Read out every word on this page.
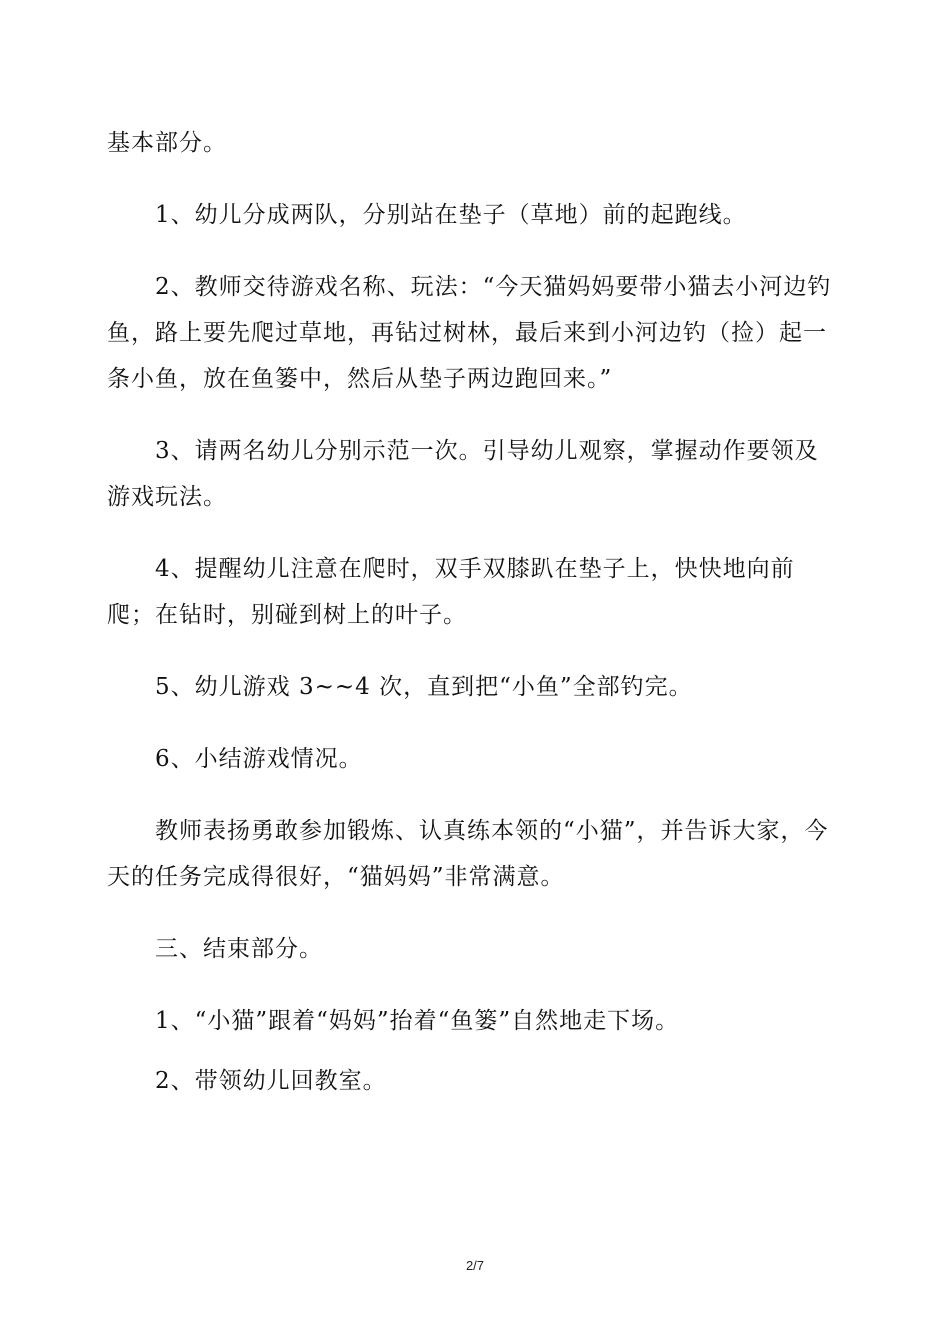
基本部分。

1、幼儿分成两队，分别站在垫子（草地）前的起跑线。

2、教师交待游戏名称、玩法：“今天猫妈妈要带小猫去小河边钓鱼，路上要先爬过草地，再钻过树林，最后来到小河边钓（捡）起一条小鱼，放在鱼篓中，然后从垫子两边跑回来。”

3、请两名幼儿分别示范一次。引导幼儿观察，掌握动作要领及游戏玩法。

4、提醒幼儿注意在爬时，双手双膝趴在垫子上，快快地向前爬；在钻时，别碰到树上的叶子。

5、幼儿游戏 3~~4 次，直到把“小鱼”全部钓完。

6、小结游戏情况。

教师表扬勇敢参加锻炼、认真练本领的“小猫”，并告诉大家，今天的任务完成得很好，“猫妈妈”非常满意。

三、结束部分。

1、“小猫”跟着“妈妈”抬着“鱼篓”自然地走下场。

2、带领幼儿回教室。

2/7
